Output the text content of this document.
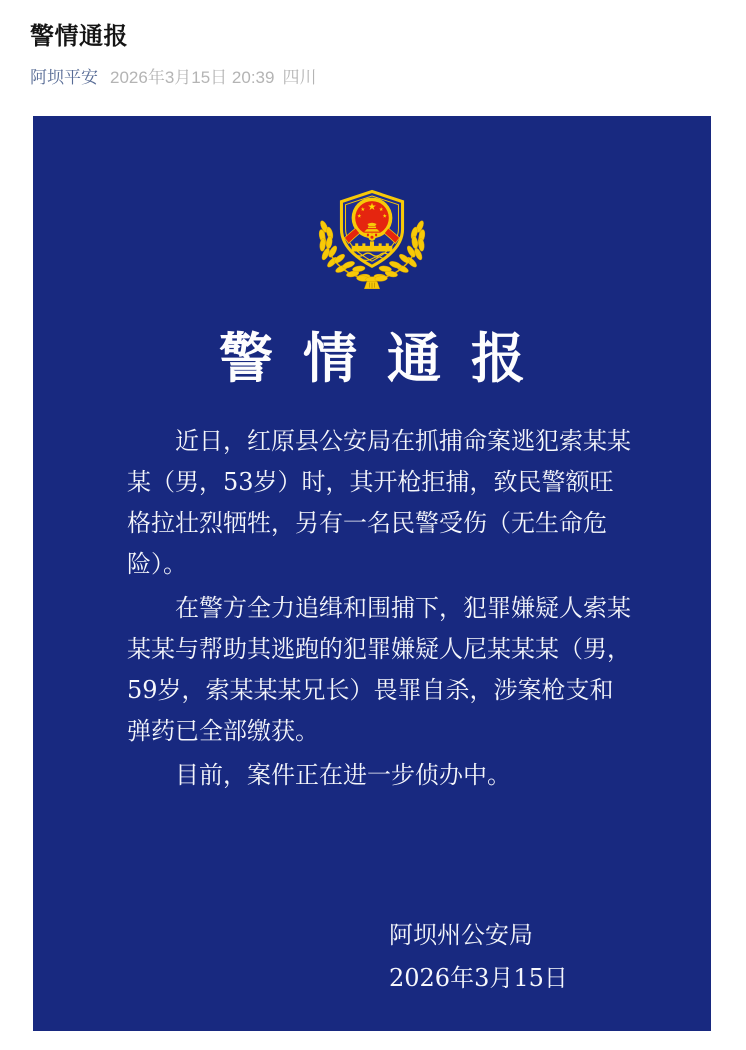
警情通报
阿坝平安 2026年3月15日 20:39 四川
警情通报

近日，红原县公安局在抓捕命案逃犯索某某某（男，53岁）时，其开枪拒捕，致民警额旺格拉壮烈牺牲，另有一名民警受伤（无生命危险）。

在警方全力追缉和围捕下，犯罪嫌疑人索某某某与帮助其逃跑的犯罪嫌疑人尼某某某（男，59岁，索某某某兄长）畏罪自杀，涉案枪支和弹药已全部缴获。

目前，案件正在进一步侦办中。

阿坝州公安局
2026年3月15日
